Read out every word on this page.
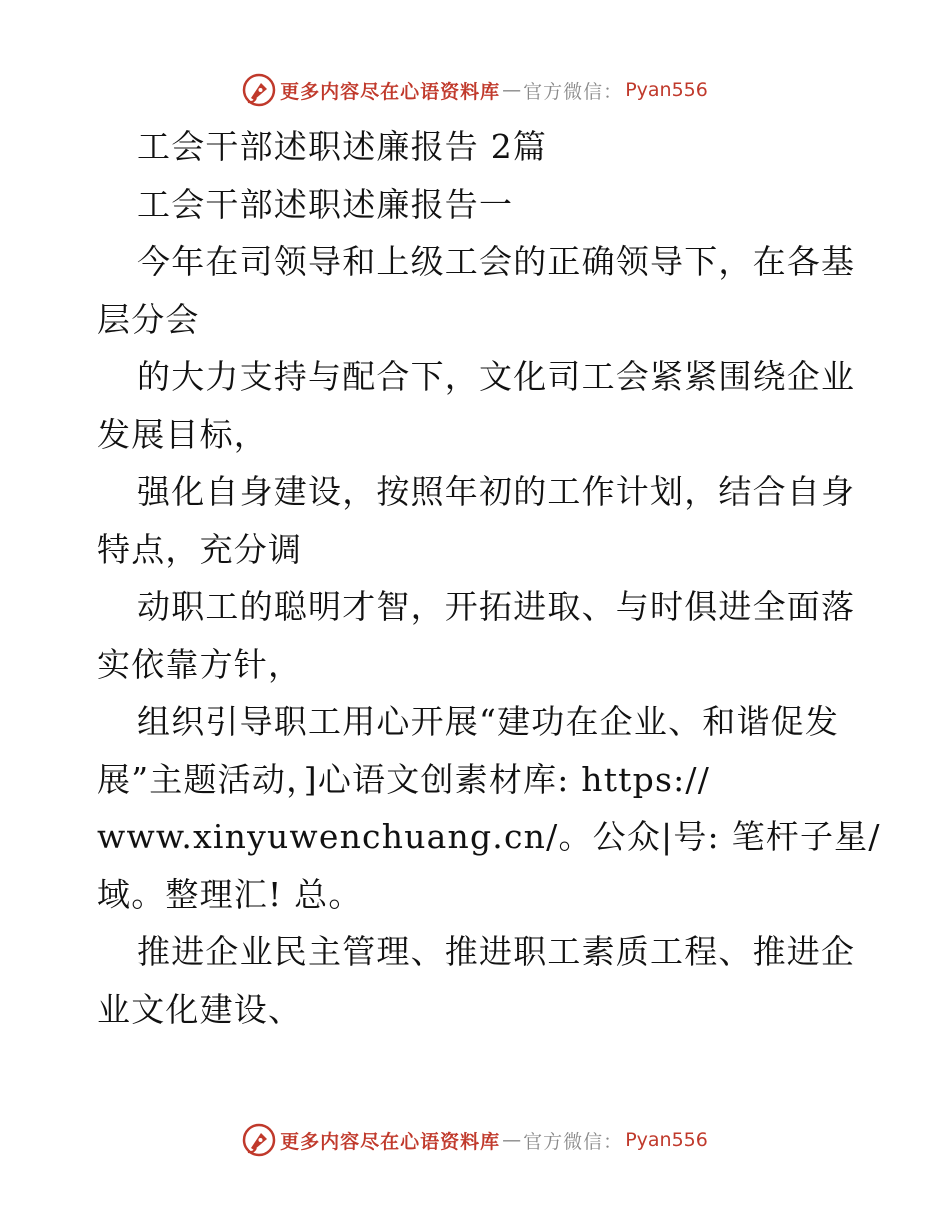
更多内容尽在心语资料库 — 官方微信： Pyan556
工会干部述职述廉报告 2篇
工会干部述职述廉报告一
今年在司领导和上级工会的正确领导下，在各基
层分会
的大力支持与配合下，文化司工会紧紧围绕企业
发展目标，
强化自身建设，按照年初的工作计划，结合自身
特点，充分调
动职工的聪明才智，开拓进取、与时俱进全面落
实依靠方针，
组织引导职工用心开展“建功在企业、和谐促发
展”主题活动，]心语文创素材库: https://
www.xinyuwenchuang.cn/。公众|号: 笔杆子星/
域。整理汇! 总。
推进企业民主管理、推进职工素质工程、推进企
业文化建设、
更多内容尽在心语资料库 — 官方微信： Pyan556
